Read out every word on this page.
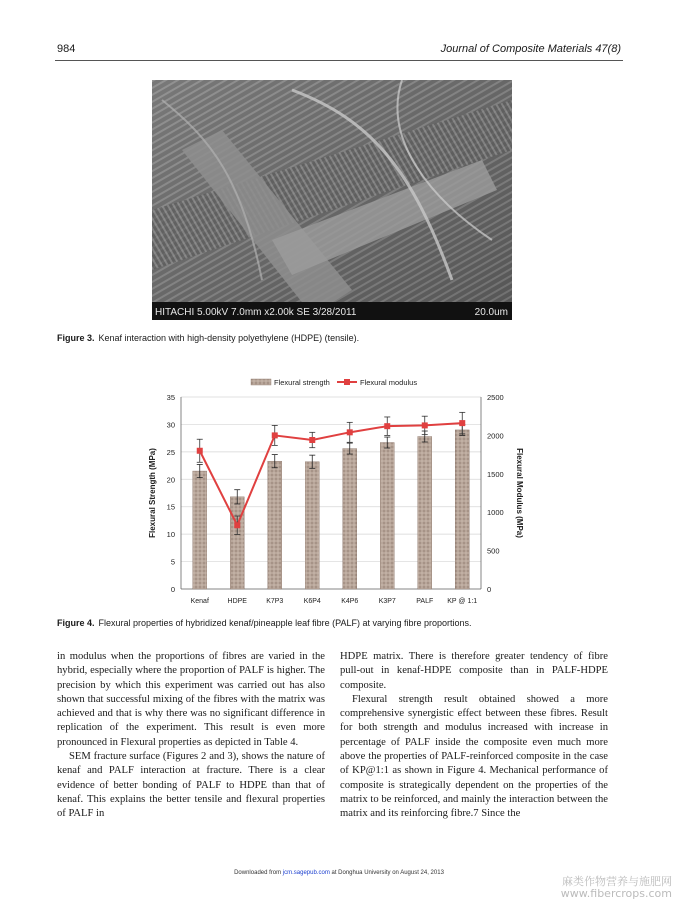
984	Journal of Composite Materials 47(8)
HITACHI 5.00kV 7.0mm x2.00k SE 3/28/2011	20.0um
Figure 3. Kenaf interaction with high-density polyethylene (HDPE) (tensile).
0
5
10
15
20
25
30
35
0
500
1000
1500
2000
2500
Kenaf	HDPE	K7P3	K6P4	K4P6	K3P7	PALF KP @ 1:1
Flexural Strength (MPa)	Flexural Modulus (MPa)
Flexural strength	Flexural modulus
Figure 4. Flexural properties of hybridized kenaf/pineapple leaf fibre (PALF) at varying fibre proportions.

in modulus when the proportions of fibres are varied in the hybrid, especially where the proportion of PALF is higher. The precision by which this experiment was carried out has also shown that successful mixing of the fibres with the matrix was achieved and that is why there was no significant difference in replication of the experiment. This result is even more pronounced in Flexural properties as depicted in Table 4.

SEM fracture surface (Figures 2 and 3), shows the nature of kenaf and PALF interaction at fracture. There is a clear evidence of better bonding of PALF to HDPE than that of kenaf. This explains the better tensile and flexural properties of PALF in

HDPE matrix. There is therefore greater tendency of fibre pull-out in kenaf-HDPE composite than in PALF-HDPE composite.

Flexural strength result obtained showed a more comprehensive synergistic effect between these fibres. Result for both strength and modulus increased with increase in percentage of PALF inside the composite even much more above the properties of PALF-reinforced composite in the case of KP@1:1 as shown in Figure 4. Mechanical performance of composite is strategically dependent on the properties of the matrix to be reinforced, and mainly the interaction between the matrix and its reinforcing fibre.7 Since the

Downloaded from jcm.sagepub.com at Donghua University on August 24, 2013
麻类作物营养与施肥网
www.fibercrops.com
